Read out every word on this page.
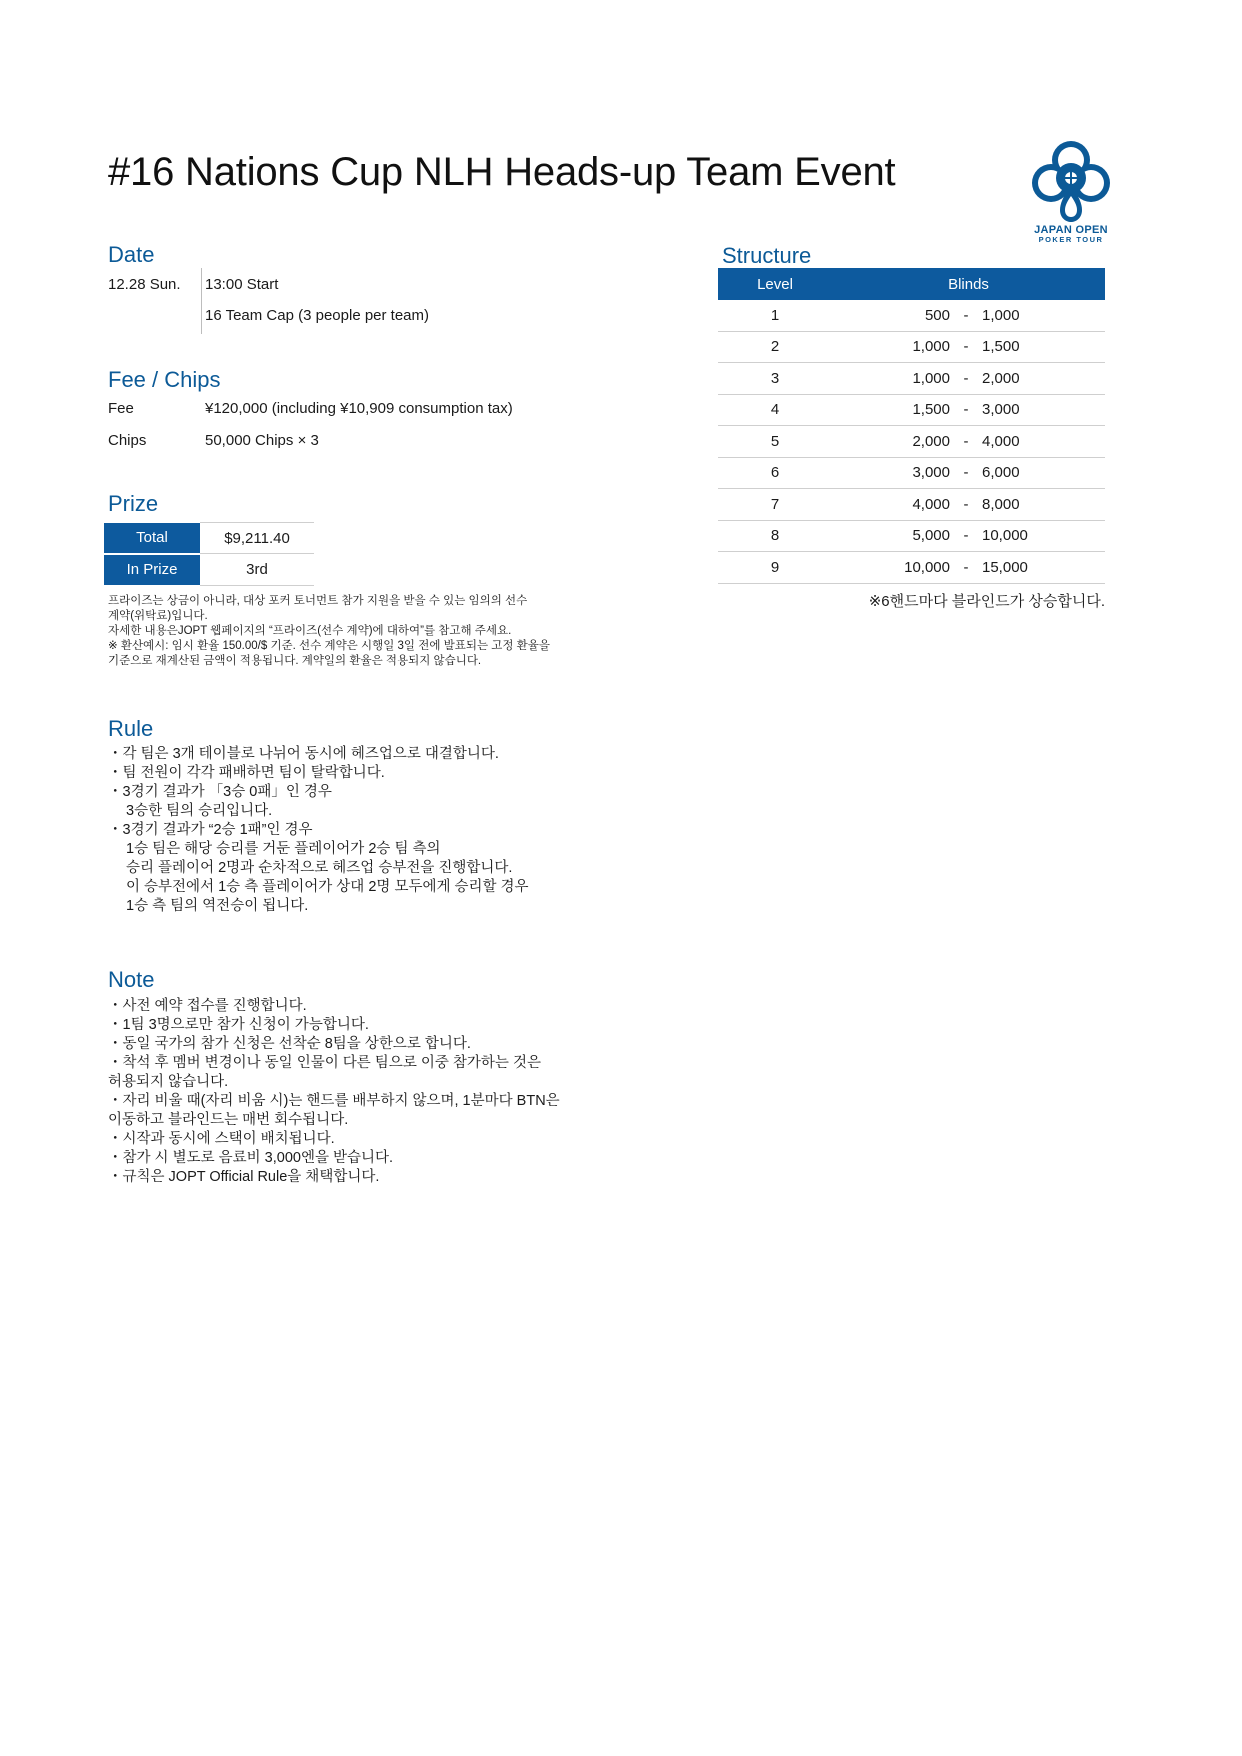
#16 Nations Cup NLH Heads-up Team Event
JAPAN OPEN
POKER TOUR
Date
12.28 Sun. 13:00 Start
16 Team Cap (3 people per team)
Fee / Chips
Fee	¥120,000 (including ¥10,909 consumption tax)
Chips	50,000 Chips × 3
Prize
Total	$9,211.40
In Prize	3rd
프라이즈는 상금이 아니라, 대상 포커 토너먼트 참가 지원을 받을 수 있는 임의의 선수
계약(위탁료)입니다.
자세한 내용은JOPT 웹페이지의 “프라이즈(선수 계약)에 대하여”를 참고해 주세요.
※ 환산예시: 임시 환율 150.00/$ 기준. 선수 계약은 시행일 3일 전에 발표되는 고정 환율을
기준으로 재계산된 금액이 적용됩니다. 계약일의 환율은 적용되지 않습니다.
Structure
Level	Blinds
1	500 - 1,000
2	1,000 - 1,500
3	1,000 - 2,000
4	1,500 - 3,000
5	2,000 - 4,000
6	3,000 - 6,000
7	4,000 - 8,000
8	5,000 - 10,000
9	10,000 - 15,000
※6핸드마다 블라인드가 상승합니다.
Rule
・각 팀은 3개 테이블로 나뉘어 동시에 헤즈업으로 대결합니다.
・팀 전원이 각각 패배하면 팀이 탈락합니다.
・3경기 결과가 「3승 0패」인 경우
3승한 팀의 승리입니다.
・3경기 결과가 “2승 1패”인 경우
1승 팀은 해당 승리를 거둔 플레이어가 2승 팀 측의
승리 플레이어 2명과 순차적으로 헤즈업 승부전을 진행합니다.
이 승부전에서 1승 측 플레이어가 상대 2명 모두에게 승리할 경우
1승 측 팀의 역전승이 됩니다.
Note
・사전 예약 접수를 진행합니다.
・1팀 3명으로만 참가 신청이 가능합니다.
・동일 국가의 참가 신청은 선착순 8팀을 상한으로 합니다.
・착석 후 멤버 변경이나 동일 인물이 다른 팀으로 이중 참가하는 것은
허용되지 않습니다.
・자리 비울 때(자리 비움 시)는 핸드를 배부하지 않으며, 1분마다 BTN은
이동하고 블라인드는 매번 회수됩니다.
・시작과 동시에 스택이 배치됩니다.
・참가 시 별도로 음료비 3,000엔을 받습니다.
・규칙은 JOPT Official Rule을 채택합니다.
